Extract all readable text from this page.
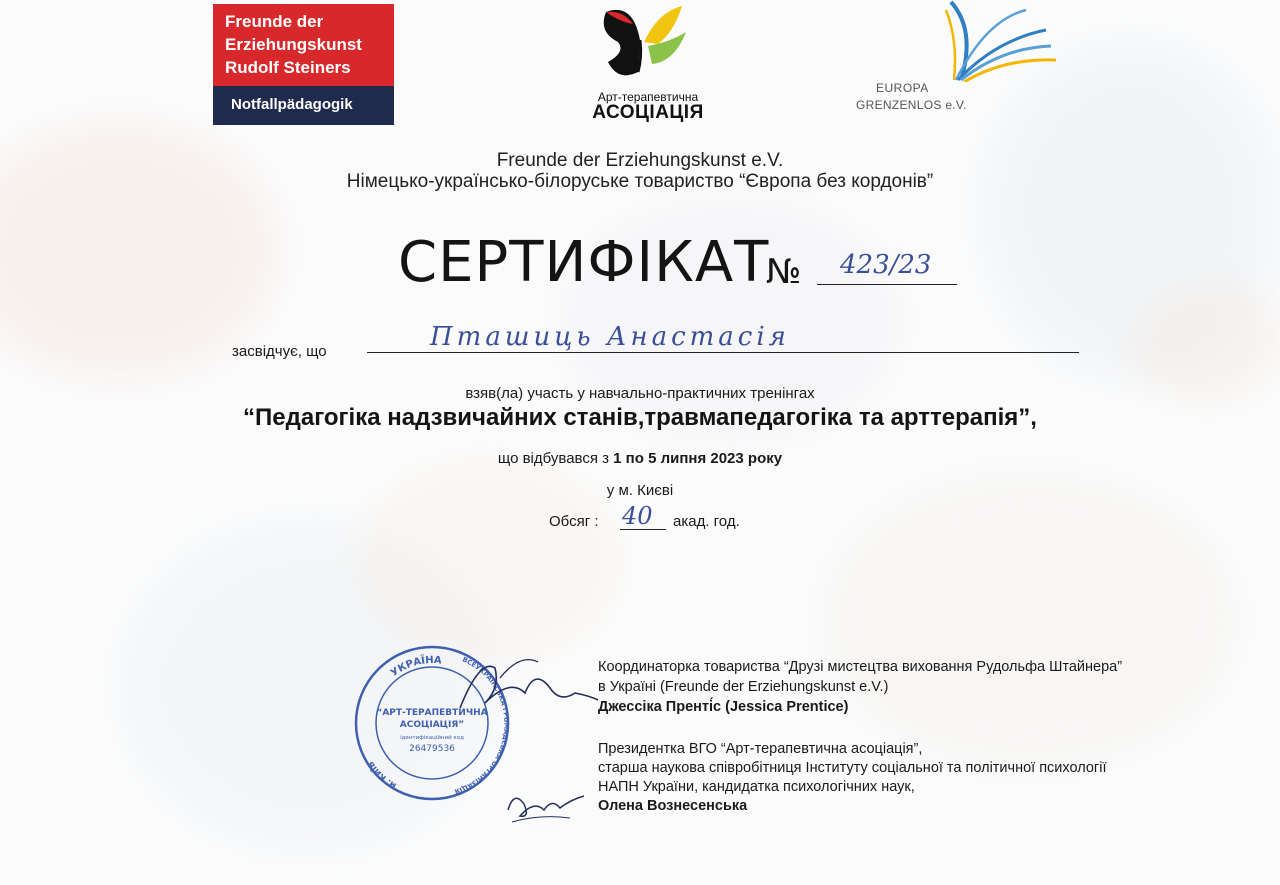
Freunde der
Erziehungskunst
Rudolf Steiners
Notfallpädagogik	Арт-терапевтична
АСОЦІАЦІЯ
EUROPA
GRENZENLOS e.V.
Freunde der Erziehungskunst e.V.
Німецько-українсько-білоруське товариство “Європа без кордонів”
СЕРТИФІКАТ
№ 423/23
засвідчує, що	Пташиць Анастасія
взяв(ла) участь у навчально-практичних тренінгах
“Педагогіка надзвичайних станів,травмапедагогіка та арттерапія”,
що відбувався з 1 по 5 липня 2023 року
у м. Києві
Обсяг : 40 акад. год.
УКРАЇНА
м. КИЇВ
ВСЕУКРАЇНСЬКА ГРОМАДСЬКА ОРГАНІЗАЦІЯ
“АРТ-ТЕРАПЕВТИЧНА
АСОЦІАЦІЯ”
ідентифікаційний код
26479536
Координаторка товариства “Друзі мистецтва виховання Рудольфа Штайнера”
в Україні (Freunde der Erziehungskunst e.V.)
Джессіка Пренті́с (Jessica Prentice)
Президентка ВГО “Арт-терапевтична асоціація”,
старша наукова співробітниця Інституту соціальної та політичної психології
НАПН України, кандидатка психологічних наук,
Олена Вознесенська
